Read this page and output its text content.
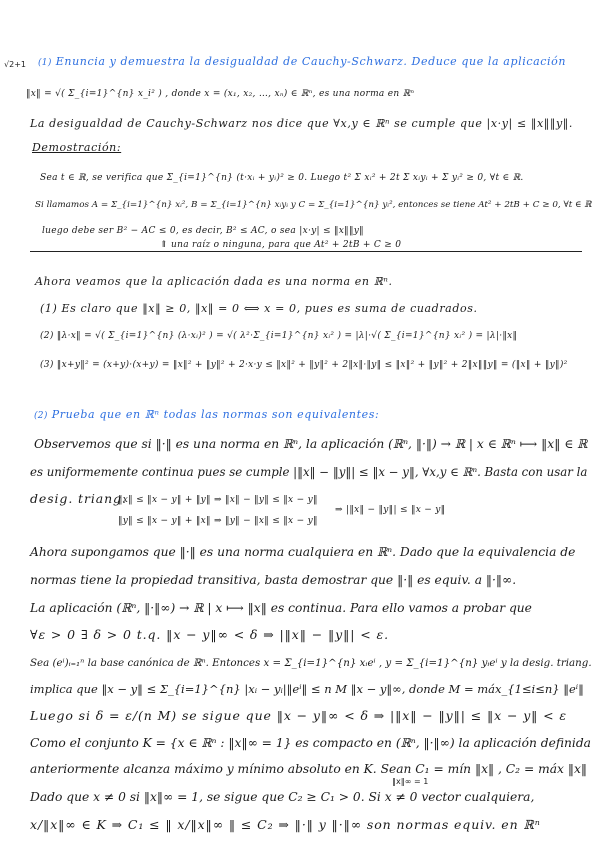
√2+1 (1) Enuncia y demuestra la desigualdad de Cauchy-Schwarz. Deduce que la aplicación
‖x‖ = √( Σ_{i=1}^{n} x_i² ) , donde x = (x₁, x₂, …, xₙ) ∈ ℝⁿ, es una norma en ℝⁿ
La desigualdad de Cauchy-Schwarz nos dice que ∀x,y ∈ ℝⁿ se cumple que |x·y| ≤ ‖x‖‖y‖.
Demostración:
Sea t ∈ ℝ, se verifica que Σ_{i=1}^{n} (t·xᵢ + yᵢ)² ≥ 0. Luego t² Σ xᵢ² + 2t Σ xᵢyᵢ + Σ yᵢ² ≥ 0, ∀t ∈ ℝ.
Si llamamos A = Σ_{i=1}^{n} xᵢ², B = Σ_{i=1}^{n} xᵢyᵢ y C = Σ_{i=1}^{n} yᵢ², entonces se tiene At² + 2tB + C ≥ 0, ∀t ∈ ℝ
luego debe ser B² − AC ≤ 0, es decir, B² ≤ AC, o sea |x·y| ≤ ‖x‖‖y‖
⇑ una raíz o ninguna, para que At² + 2tB + C ≥ 0
Ahora veamos que la aplicación dada es una norma en ℝⁿ.
(1) Es claro que ‖x‖ ≥ 0, ‖x‖ = 0 ⟺ x = 0, pues es suma de cuadrados.
(2) ‖λ·x‖ = √( Σ_{i=1}^{n} (λ·xᵢ)² ) = √( λ²·Σ_{i=1}^{n} xᵢ² ) = |λ|·√( Σ_{i=1}^{n} xᵢ² ) = |λ|·‖x‖
(3) ‖x+y‖² = (x+y)·(x+y) = ‖x‖² + ‖y‖² + 2·x·y ≤ ‖x‖² + ‖y‖² + 2‖x‖·‖y‖ ≤ ‖x‖² + ‖y‖² + 2‖x‖‖y‖ = (‖x‖ + ‖y‖)²
(2) Prueba que en ℝⁿ todas las normas son equivalentes:
Observemos que si ‖·‖ es una norma en ℝⁿ, la aplicación (ℝⁿ, ‖·‖) → ℝ | x ∈ ℝⁿ ⟼ ‖x‖ ∈ ℝ
es uniformemente continua pues se cumple |‖x‖ − ‖y‖| ≤ ‖x − y‖, ∀x,y ∈ ℝⁿ. Basta con usar la
desig. triang.
‖x‖ ≤ ‖x − y‖ + ‖y‖ ⇒ ‖x‖ − ‖y‖ ≤ ‖x − y‖
‖y‖ ≤ ‖x − y‖ + ‖x‖ ⇒ ‖y‖ − ‖x‖ ≤ ‖x − y‖
⇒ |‖x‖ − ‖y‖| ≤ ‖x − y‖
Ahora supongamos que ‖·‖ es una norma cualquiera en ℝⁿ. Dado que la equivalencia de
normas tiene la propiedad transitiva, basta demostrar que ‖·‖ es equiv. a ‖·‖∞.
La aplicación (ℝⁿ, ‖·‖∞) → ℝ | x ⟼ ‖x‖ es continua. Para ello vamos a probar que
∀ε > 0 ∃ δ > 0 t.q. ‖x − y‖∞ < δ ⇒ |‖x‖ − ‖y‖| < ε.
Sea (eⁱ)ᵢ₌₁ⁿ la base canónica de ℝⁿ. Entonces x = Σ_{i=1}^{n} xᵢeⁱ , y = Σ_{i=1}^{n} yᵢeⁱ y la desig. triang.
implica que ‖x − y‖ ≤ Σ_{i=1}^{n} |xᵢ − yᵢ|‖eⁱ‖ ≤ n M ‖x − y‖∞, donde M = máx_{1≤i≤n} ‖eⁱ‖
Luego si δ = ε/(n M) se sigue que ‖x − y‖∞ < δ ⇒ |‖x‖ − ‖y‖| ≤ ‖x − y‖ < ε
Como el conjunto K = {x ∈ ℝⁿ : ‖x‖∞ = 1} es compacto en (ℝⁿ, ‖·‖∞) la aplicación definida
anteriormente alcanza máximo y mínimo absoluto en K. Sean C₁ = mín ‖x‖ , C₂ = máx ‖x‖
‖x‖∞ = 1
Dado que x ≠ 0 si ‖x‖∞ = 1, se sigue que C₂ ≥ C₁ > 0. Si x ≠ 0 vector cualquiera,
x/‖x‖∞ ∈ K ⇒ C₁ ≤ ‖ x/‖x‖∞ ‖ ≤ C₂ ⇒ ‖·‖ y ‖·‖∞ son normas equiv. en ℝⁿ
